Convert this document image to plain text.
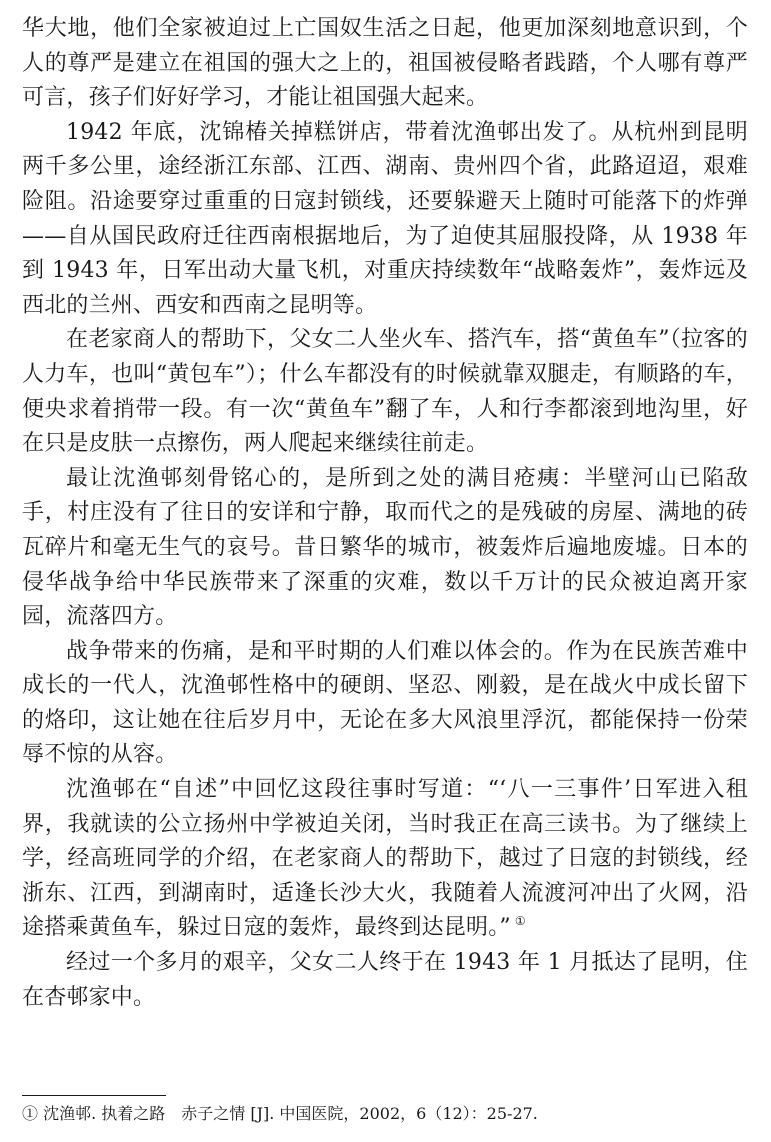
华大地，他们全家被迫过上亡国奴生活之日起，他更加深刻地意识到，个人的尊严是建立在祖国的强大之上的，祖国被侵略者践踏，个人哪有尊严可言，孩子们好好学习，才能让祖国强大起来。

1942 年底，沈锦椿关掉糕饼店，带着沈渔邨出发了。从杭州到昆明两千多公里，途经浙江东部、江西、湖南、贵州四个省，此路迢迢，艰难险阻。沿途要穿过重重的日寇封锁线，还要躲避天上随时可能落下的炸弹——自从国民政府迁往西南根据地后，为了迫使其屈服投降，从 1938 年到 1943 年，日军出动大量飞机，对重庆持续数年“战略轰炸”，轰炸远及西北的兰州、西安和西南之昆明等。

在老家商人的帮助下，父女二人坐火车、搭汽车，搭“黄鱼车”（拉客的人力车，也叫“黄包车”）；什么车都没有的时候就靠双腿走，有顺路的车，便央求着捎带一段。有一次“黄鱼车”翻了车，人和行李都滚到地沟里，好在只是皮肤一点擦伤，两人爬起来继续往前走。

最让沈渔邨刻骨铭心的，是所到之处的满目疮痍：半壁河山已陷敌手，村庄没有了往日的安详和宁静，取而代之的是残破的房屋、满地的砖瓦碎片和毫无生气的哀号。昔日繁华的城市，被轰炸后遍地废墟。日本的侵华战争给中华民族带来了深重的灾难，数以千万计的民众被迫离开家园，流落四方。

战争带来的伤痛，是和平时期的人们难以体会的。作为在民族苦难中成长的一代人，沈渔邨性格中的硬朗、坚忍、刚毅，是在战火中成长留下的烙印，这让她在往后岁月中，无论在多大风浪里浮沉，都能保持一份荣辱不惊的从容。

沈渔邨在“自述”中回忆这段往事时写道：“‘八一三事件’日军进入租界，我就读的公立扬州中学被迫关闭，当时我正在高三读书。为了继续上学，经高班同学的介绍，在老家商人的帮助下，越过了日寇的封锁线，经浙东、江西，到湖南时，适逢长沙大火，我随着人流渡河冲出了火网，沿途搭乘黄鱼车，躲过日寇的轰炸，最终到达昆明。” ①

经过一个多月的艰辛，父女二人终于在 1943 年 1 月抵达了昆明，住在杏邨家中。

① 沈渔邨. 执着之路　赤子之情 [J]. 中国医院，2002，6（12）：25-27.
